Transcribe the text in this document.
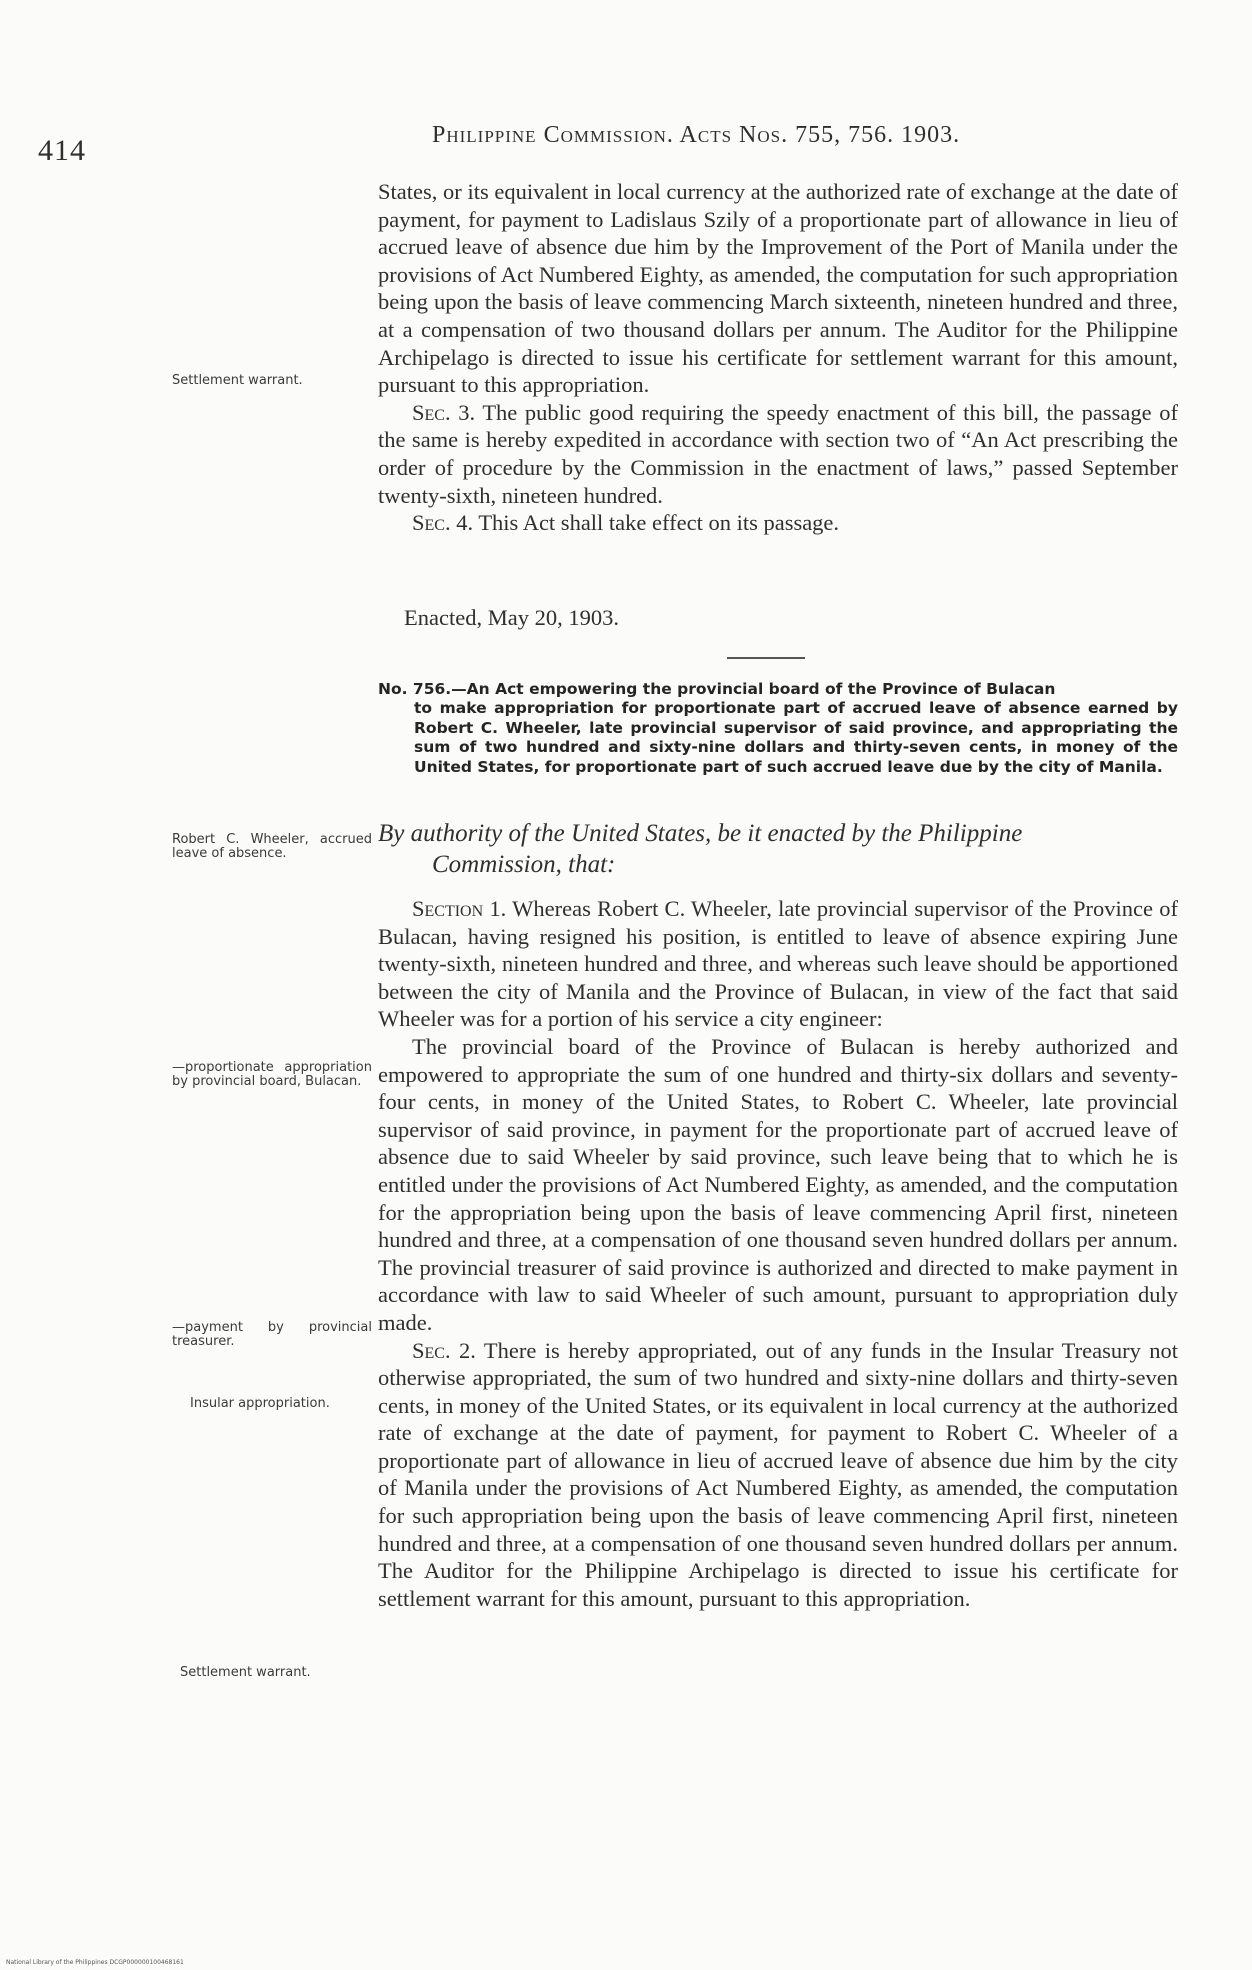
414	Philippine Commission. Acts Nos. 755, 756. 1903.

States, or its equivalent in local currency at the authorized rate of exchange at the date of payment, for payment to Ladislaus Szily of a proportionate part of allowance in lieu of accrued leave of absence due him by the Improvement of the Port of Manila under the provisions of Act Numbered Eighty, as amended, the computation for such appropriation being upon the basis of leave commencing March sixteenth, nineteen hundred and three, at a compensation of two thousand dollars per annum. The Auditor for the Philippine Archipelago is directed to issue his certificate for settlement warrant for this amount, pursuant to this appropriation.

Sec. 3. The public good requiring the speedy enactment of this bill, the passage of the same is hereby expedited in accordance with section two of “An Act prescribing the order of procedure by the Commission in the enactment of laws,” passed September twenty-sixth, nineteen hundred.

Sec. 4. This Act shall take effect on its passage.

Enacted, May 20, 1903.
No. 756.—An Act empowering the provincial board of the Province of Bulacan
to make appropriation for proportionate part of accrued leave of absence earned by Robert C. Wheeler, late provincial supervisor of said province, and appropriating the sum of two hundred and sixty-nine dollars and thirty-seven cents, in money of the United States, for proportionate part of such accrued leave due by the city of Manila.
By authority of the United States, be it enacted by the Philippine
Commission, that:

Section 1. Whereas Robert C. Wheeler, late provincial supervisor of the Province of Bulacan, having resigned his position, is entitled to leave of absence expiring June twenty-sixth, nineteen hundred and three, and whereas such leave should be apportioned between the city of Manila and the Province of Bulacan, in view of the fact that said Wheeler was for a portion of his service a city engineer:

The provincial board of the Province of Bulacan is hereby authorized and empowered to appropriate the sum of one hundred and thirty-six dollars and seventy-four cents, in money of the United States, to Robert C. Wheeler, late provincial supervisor of said province, in payment for the proportionate part of accrued leave of absence due to said Wheeler by said province, such leave being that to which he is entitled under the provisions of Act Numbered Eighty, as amended, and the computation for the appropriation being upon the basis of leave commencing April first, nineteen hundred and three, at a compensation of one thousand seven hundred dollars per annum. The provincial treasurer of said province is authorized and directed to make payment in accordance with law to said Wheeler of such amount, pursuant to appropriation duly made.

Sec. 2. There is hereby appropriated, out of any funds in the Insular Treasury not otherwise appropriated, the sum of two hundred and sixty-nine dollars and thirty-seven cents, in money of the United States, or its equivalent in local currency at the authorized rate of exchange at the date of payment, for payment to Robert C. Wheeler of a proportionate part of allowance in lieu of accrued leave of absence due him by the city of Manila under the provisions of Act Numbered Eighty, as amended, the computation for such appropriation being upon the basis of leave commencing April first, nineteen hundred and three, at a compensation of one thousand seven hundred dollars per annum. The Auditor for the Philippine Archipelago is directed to issue his certificate for settlement warrant for this amount, pursuant to this appropriation.

Settlement warrant.
Robert C. Wheeler, accrued leave of absence.
—proportionate appropriation by provincial board, Bulacan.
—payment by provincial treasurer.
Insular appropriation.
Settlement warrant.
National Library of the Philippines DCGP000000100468161
